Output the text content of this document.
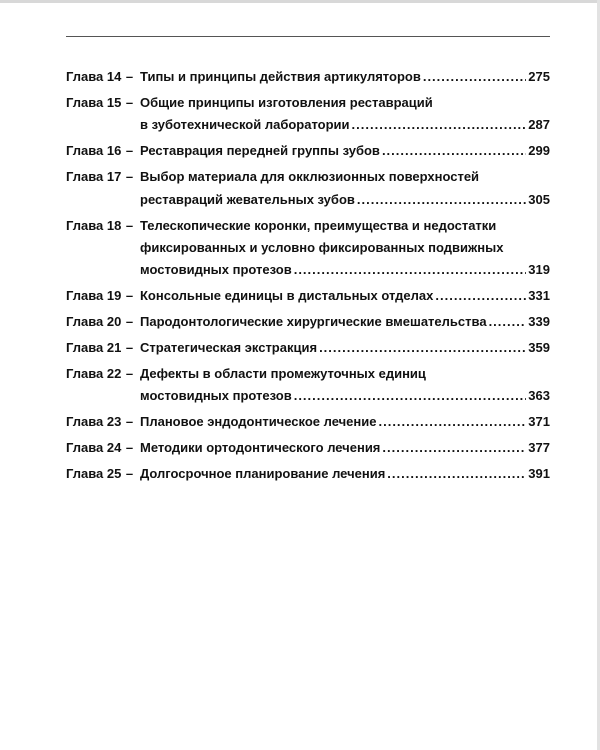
Глава 14 – Типы и принципы действия артикуляторов .....	275
Глава 15 – Общие принципы изготовления реставраций
в зуботехнической лаборатории .....	287
Глава 16 – Реставрация передней группы зубов .....	299
Глава 17 – Выбор материала для окклюзионных поверхностей
реставраций жевательных зубов .....	305
Глава 18 – Телескопические коронки, преимущества и недостатки
фиксированных и условно фиксированных подвижных
мостовидных протезов .....	319
Глава 19 – Консольные единицы в дистальных отделах .....	331
Глава 20 – Пародонтологические хирургические вмешательства .....	339
Глава 21 – Стратегическая экстракция .....	359
Глава 22 – Дефекты в области промежуточных единиц
мостовидных протезов .....	363
Глава 23 – Плановое эндодонтическое лечение .....	371
Глава 24 – Методики ортодонтического лечения .....	377
Глава 25 – Долгосрочное планирование лечения .....	391
